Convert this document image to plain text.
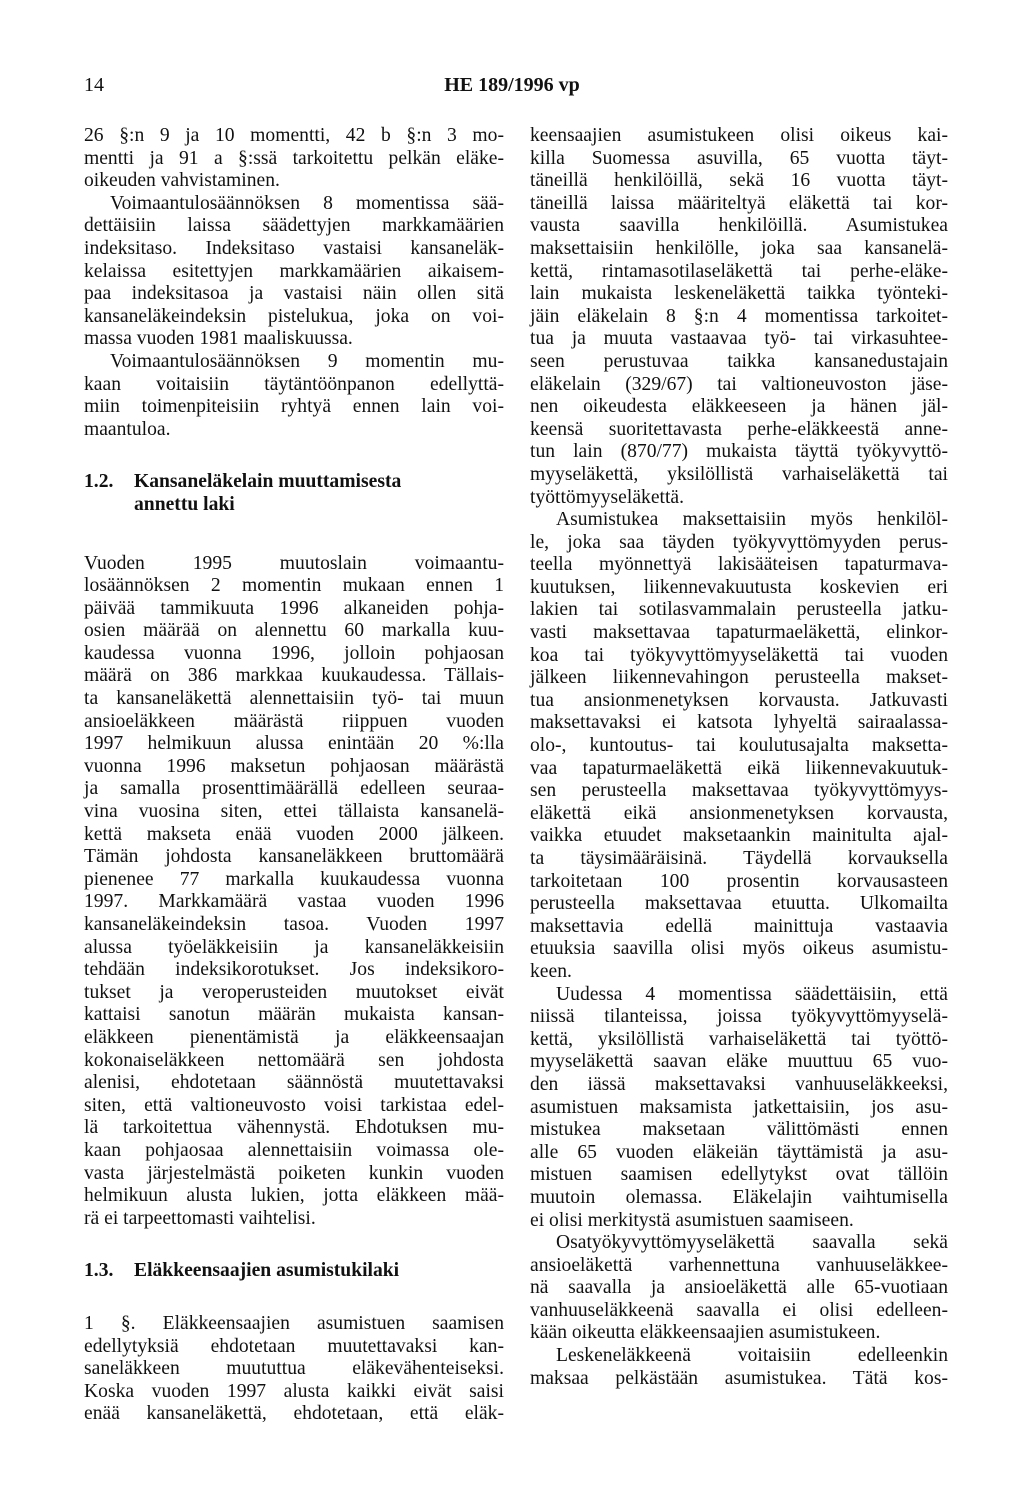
14	HE 189/1996 vp
26 §:n 9 ja 10 momentti, 42 b §:n 3 mo-
mentti ja 91 a §:ssä tarkoitettu pelkän eläke-
oikeuden vahvistaminen.
Voimaantulosäännöksen 8 momentissa sää-
dettäisiin laissa säädettyjen markkamäärien
indeksitaso. Indeksitaso vastaisi kansaneläk-
kelaissa esitettyjen markkamäärien aikaisem-
paa indeksitasoa ja vastaisi näin ollen sitä
kansaneläkeindeksin pistelukua, joka on voi-
massa vuoden 1981 maaliskuussa.
Voimaantulosäännöksen 9 momentin mu-
kaan voitaisiin täytäntöönpanon edellyttä-
miin toimenpiteisiin ryhtyä ennen lain voi-
maantuloa.
1.2.	Kansaneläkelain muuttamisesta
annettu laki
Vuoden 1995 muutoslain voimaantu-
losäännöksen 2 momentin mukaan ennen 1
päivää tammikuuta 1996 alkaneiden pohja-
osien määrää on alennettu 60 markalla kuu-
kaudessa vuonna 1996, jolloin pohjaosan
määrä on 386 markkaa kuukaudessa. Tällais-
ta kansaneläkettä alennettaisiin työ- tai muun
ansioeläkkeen määrästä riippuen vuoden
1997 helmikuun alussa enintään 20 %:lla
vuonna 1996 maksetun pohjaosan määrästä
ja samalla prosenttimäärällä edelleen seuraa-
vina vuosina siten, ettei tällaista kansanelä-
kettä makseta enää vuoden 2000 jälkeen.
Tämän johdosta kansaneläkkeen bruttomäärä
pienenee 77 markalla kuukaudessa vuonna
1997. Markkamäärä vastaa vuoden 1996
kansaneläkeindeksin tasoa. Vuoden 1997
alussa työeläkkeisiin ja kansaneläkkeisiin
tehdään indeksikorotukset. Jos indeksikoro-
tukset ja veroperusteiden muutokset eivät
kattaisi sanotun määrän mukaista kansan-
eläkkeen pienentämistä ja eläkkeensaajan
kokonaiseläkkeen nettomäärä sen johdosta
alenisi, ehdotetaan säännöstä muutettavaksi
siten, että valtioneuvosto voisi tarkistaa edel-
lä tarkoitettua vähennystä. Ehdotuksen mu-
kaan pohjaosaa alennettaisiin voimassa ole-
vasta järjestelmästä poiketen kunkin vuoden
helmikuun alusta lukien, jotta eläkkeen mää-
rä ei tarpeettomasti vaihtelisi.
1.3.	Eläkkeensaajien asumistukilaki
1 §. Eläkkeensaajien asumistuen saamisen
edellytyksiä ehdotetaan muutettavaksi kan-
saneläkkeen muututtua eläkevähenteiseksi.
Koska vuoden 1997 alusta kaikki eivät saisi
enää kansaneläkettä, ehdotetaan, että eläk-
keensaajien asumistukeen olisi oikeus kai-
killa Suomessa asuvilla, 65 vuotta täyt-
täneillä henkilöillä, sekä 16 vuotta täyt-
täneillä laissa määriteltyä eläkettä tai kor-
vausta saavilla henkilöillä. Asumistukea
maksettaisiin henkilölle, joka saa kansanelä-
kettä, rintamasotilaseläkettä tai perhe-eläke-
lain mukaista leskeneläkettä taikka työnteki-
jäin eläkelain 8 §:n 4 momentissa tarkoitet-
tua ja muuta vastaavaa työ- tai virkasuhtee-
seen perustuvaa taikka kansanedustajain
eläkelain (329/67) tai valtioneuvoston jäse-
nen oikeudesta eläkkeeseen ja hänen jäl-
keensä suoritettavasta perhe-eläkkeestä anne-
tun lain (870/77) mukaista täyttä työkyvyttö-
myyseläkettä, yksilöllistä varhaiseläkettä tai
työttömyyseläkettä.
Asumistukea maksettaisiin myös henkilöl-
le, joka saa täyden työkyvyttömyyden perus-
teella myönnettyä lakisääteisen tapaturmava-
kuutuksen, liikennevakuutusta koskevien eri
lakien tai sotilasvammalain perusteella jatku-
vasti maksettavaa tapaturmaeläkettä, elinkor-
koa tai työkyvyttömyyseläkettä tai vuoden
jälkeen liikennevahingon perusteella makset-
tua ansionmenetyksen korvausta. Jatkuvasti
maksettavaksi ei katsota lyhyeltä sairaalassa-
olo-, kuntoutus- tai koulutusajalta maksetta-
vaa tapaturmaeläkettä eikä liikennevakuutuk-
sen perusteella maksettavaa työkyvyttömyys-
eläkettä eikä ansionmenetyksen korvausta,
vaikka etuudet maksetaankin mainitulta ajal-
ta täysimääräisinä. Täydellä korvauksella
tarkoitetaan 100 prosentin korvausasteen
perusteella maksettavaa etuutta. Ulkomailta
maksettavia edellä mainittuja vastaavia
etuuksia saavilla olisi myös oikeus asumistu-
keen.
Uudessa 4 momentissa säädettäisiin, että
niissä tilanteissa, joissa työkyvyttömyyselä-
kettä, yksilöllistä varhaiseläkettä tai työttö-
myyseläkettä saavan eläke muuttuu 65 vuo-
den iässä maksettavaksi vanhuuseläkkeeksi,
asumistuen maksamista jatkettaisiin, jos asu-
mistukea maksetaan välittömästi ennen
alle 65 vuoden eläkeiän täyttämistä ja asu-
mistuen saamisen edellytykst ovat tällöin
muutoin olemassa. Eläkelajin vaihtumisella
ei olisi merkitystä asumistuen saamiseen.
Osatyökyvyttömyyseläkettä saavalla sekä
ansioeläkettä varhennettuna vanhuuseläkkee-
nä saavalla ja ansioeläkettä alle 65-vuotiaan
vanhuuseläkkeenä saavalla ei olisi edelleen-
kään oikeutta eläkkeensaajien asumistukeen.
Leskeneläkkeenä voitaisiin edelleenkin
maksaa pelkästään asumistukea. Tätä kos-
